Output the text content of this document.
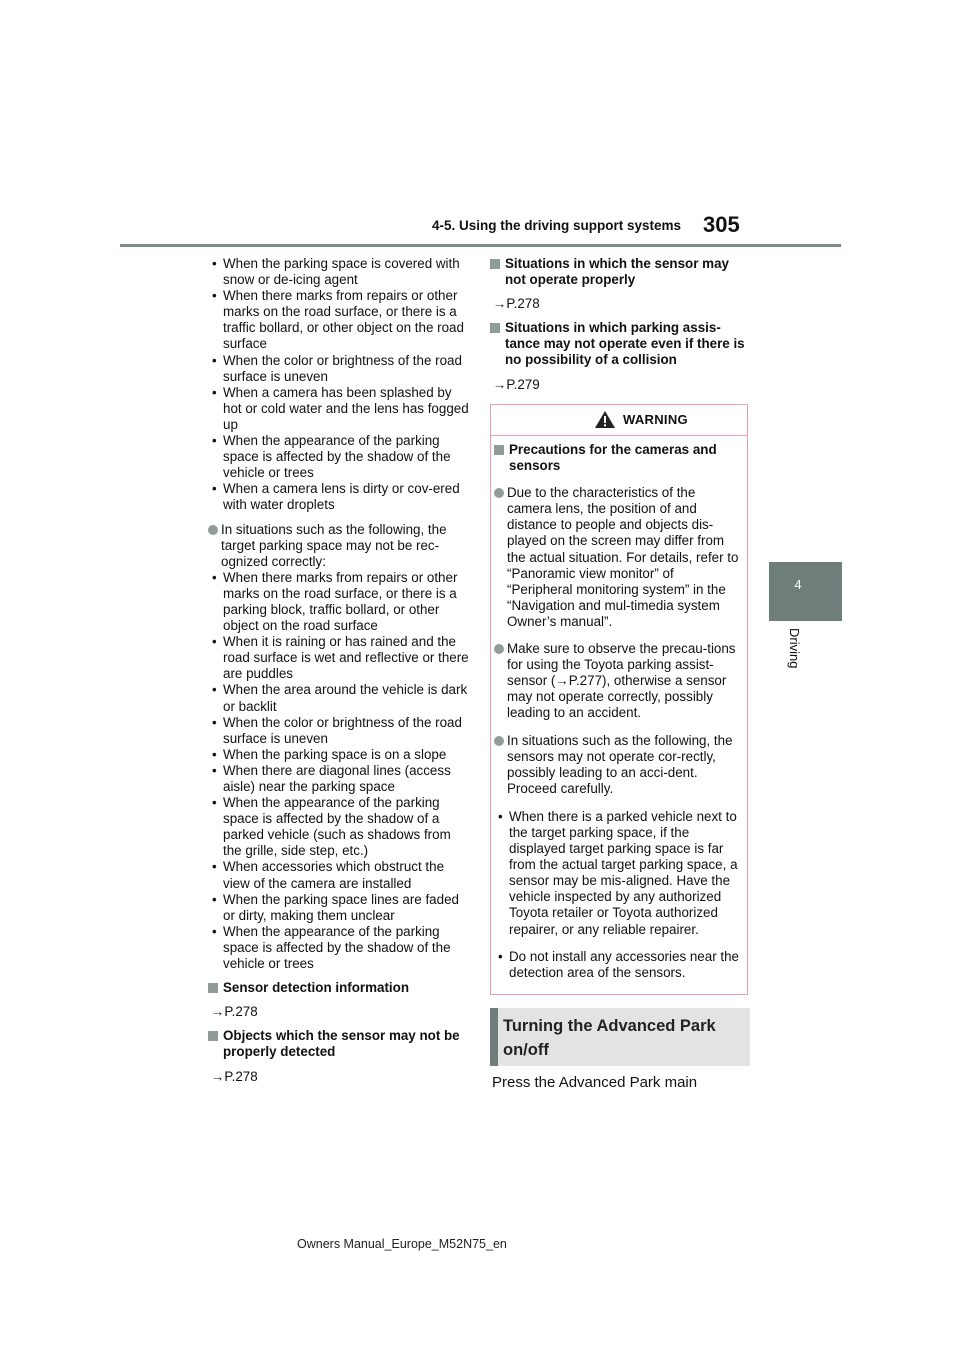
4-5. Using the driving support systems 305
4
Driving
• When the parking space is covered with snow or de-icing agent
• When there marks from repairs or other marks on the road surface, or there is a traffic bollard, or other object on the road surface
• When the color or brightness of the road surface is uneven
• When a camera has been splashed by hot or cold water and the lens has fogged up
• When the appearance of the parking space is affected by the shadow of the vehicle or trees
• When a camera lens is dirty or cov-ered with water droplets
In situations such as the following, the target parking space may not be rec-ognized correctly:
• When there marks from repairs or other marks on the road surface, or there is a parking block, traffic bollard, or other object on the road surface
• When it is raining or has rained and the road surface is wet and reflective or there are puddles
• When the area around the vehicle is dark or backlit
• When the color or brightness of the road surface is uneven
• When the parking space is on a slope
• When there are diagonal lines (access aisle) near the parking space
• When the appearance of the parking space is affected by the shadow of a parked vehicle (such as shadows from the grille, side step, etc.)
• When accessories which obstruct the view of the camera are installed
• When the parking space lines are faded or dirty, making them unclear
• When the appearance of the parking space is affected by the shadow of the vehicle or trees
Sensor detection information
→P.278
Objects which the sensor may not be properly detected
→P.278
Situations in which the sensor may not operate properly
→P.278
Situations in which parking assis-tance may not operate even if there is no possibility of a collision
→P.279
WARNING
Precautions for the cameras and sensors
Due to the characteristics of the camera lens, the position of and distance to people and objects dis-played on the screen may differ from the actual situation. For details, refer to “Panoramic view monitor” of “Peripheral monitoring system” in the “Navigation and mul-timedia system Owner’s manual”.
Make sure to observe the precau-tions for using the Toyota parking assist-sensor (→P.277), otherwise a sensor may not operate correctly, possibly leading to an accident.
In situations such as the following, the sensors may not operate cor-rectly, possibly leading to an acci-dent. Proceed carefully.
• When there is a parked vehicle next to the target parking space, if the displayed target parking space is far from the actual target parking space, a sensor may be mis-aligned. Have the vehicle inspected by any authorized Toyota retailer or Toyota authorized repairer, or any reliable repairer.
• Do not install any accessories near the detection area of the sensors.
Turning the Advanced Park on/off
Press the Advanced Park main
Owners Manual_Europe_M52N75_en
